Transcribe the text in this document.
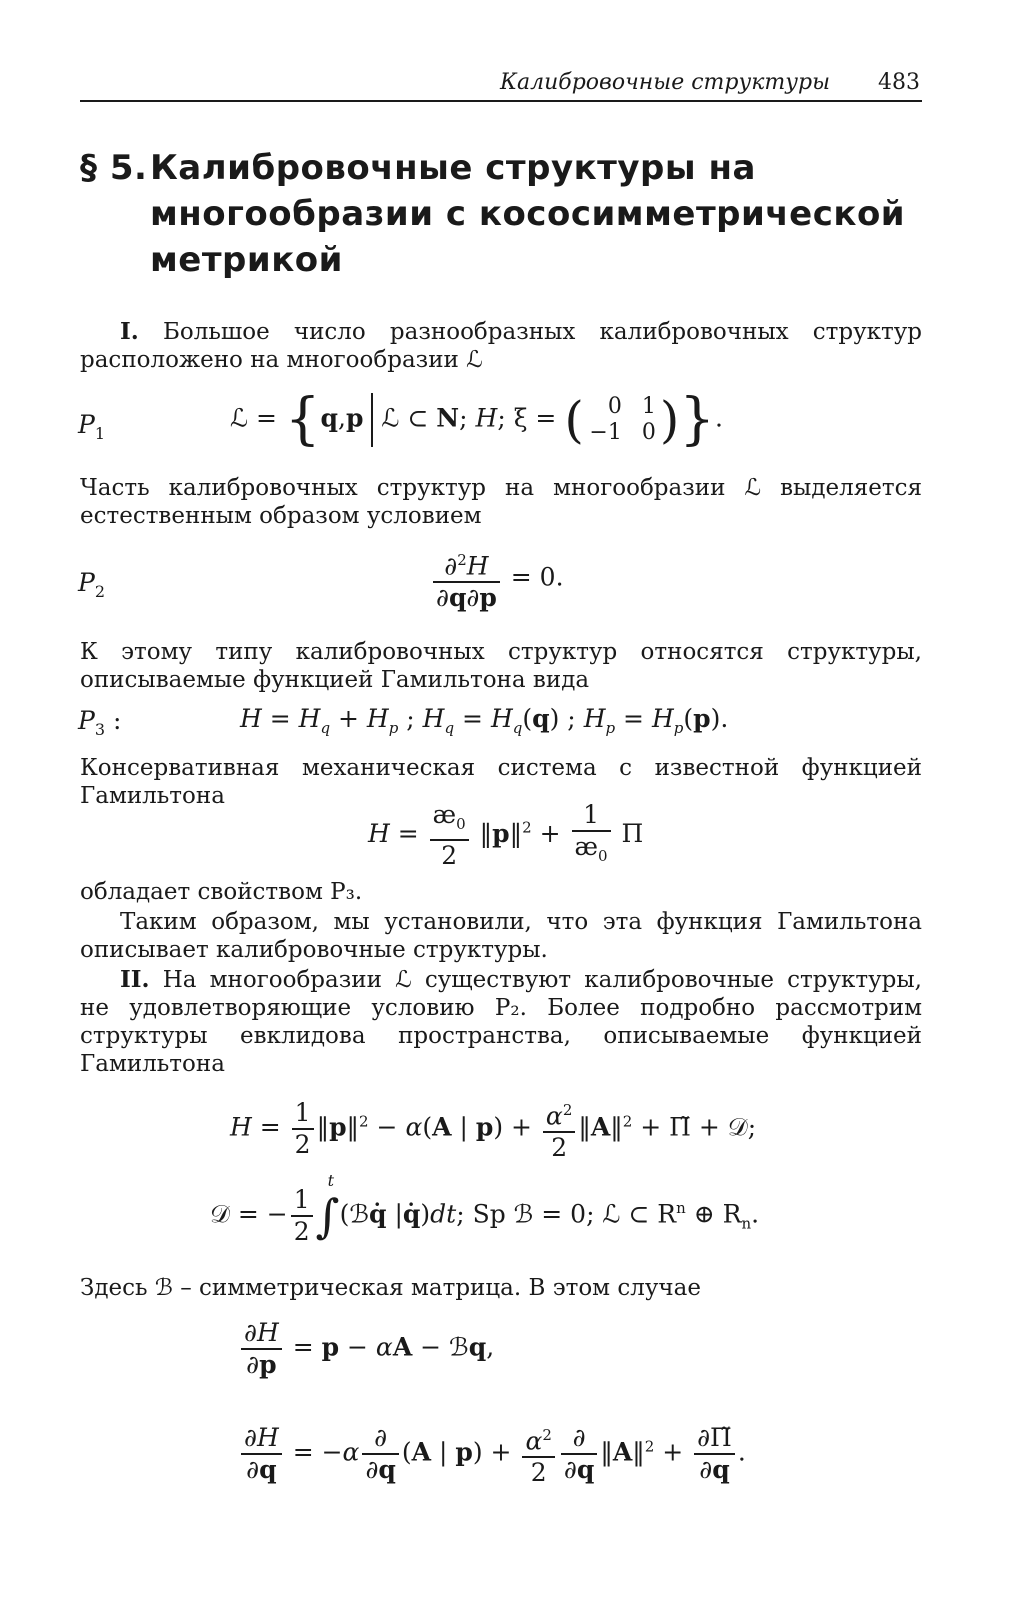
Калибровочные структуры 483
§ 5. Калибровочные структуры на многообразии с кососимметрической метрикой
I. Большое число разнообразных калибровочных структур расположено на многообразии ℒ
$P_1$
ℒ = {q,p ℒ ⊂ N; H; ξ = (	0 1
−1 0 )}.
Часть калибровочных структур на многообразии ℒ выделяется естественным образом условием
$P_2$	$\frac{\partial^2H}{\partial q\partial p} = 0$.
К этому типу калибровочных структур относятся структуры, описываемые функцией Гамильтона вида
$P_3$ :	$H = H_q + H_p$ ; $H_q = H_q(q)$ ; $H_p = H_p(p)$.
Консервативная механическая система с известной функцией Гамильтона
$H = \frac{æ_0}{2}$ ‖p‖$^2$ + $\frac{1}{æ_0}$ Π
обладает свойством P₃.
Таким образом, мы установили, что эта функция Гамильтона описывает калибровочные структуры.
II. На многообразии ℒ существуют калибровочные структуры, не удовлетворяющие условию P₂. Более подробно рассмотрим структуры евклидова пространства, описываемые функцией Гамильтона
$H = \frac{1}{2}$ ‖p‖$^2$ − α(A | $p) + \frac{\alpha^2}{2}$ ‖A‖$^2$ + Π̃ + 𝒟;
𝒟 = − $\frac{1}{2}$ ∫
t
(ℬq̇ |q̇)dt; Sp ℬ = 0; ℒ ⊂ $R^n$ ⊕ $R_n$.
Здесь ℬ – симметрическая матрица. В этом случае
$\frac{\partial H}{\partial p} = p - \alpha A$ − ℬq,
$\frac{\partial H}{\partial q} = -\alpha \frac{\partial}{\partial q} (A$ | $p) + \frac{\alpha^2}{2} \frac{\partial}{\partial q}$ ‖A‖$^2$ + $\frac{\partial\Pĩ}{\partial q}$ .
